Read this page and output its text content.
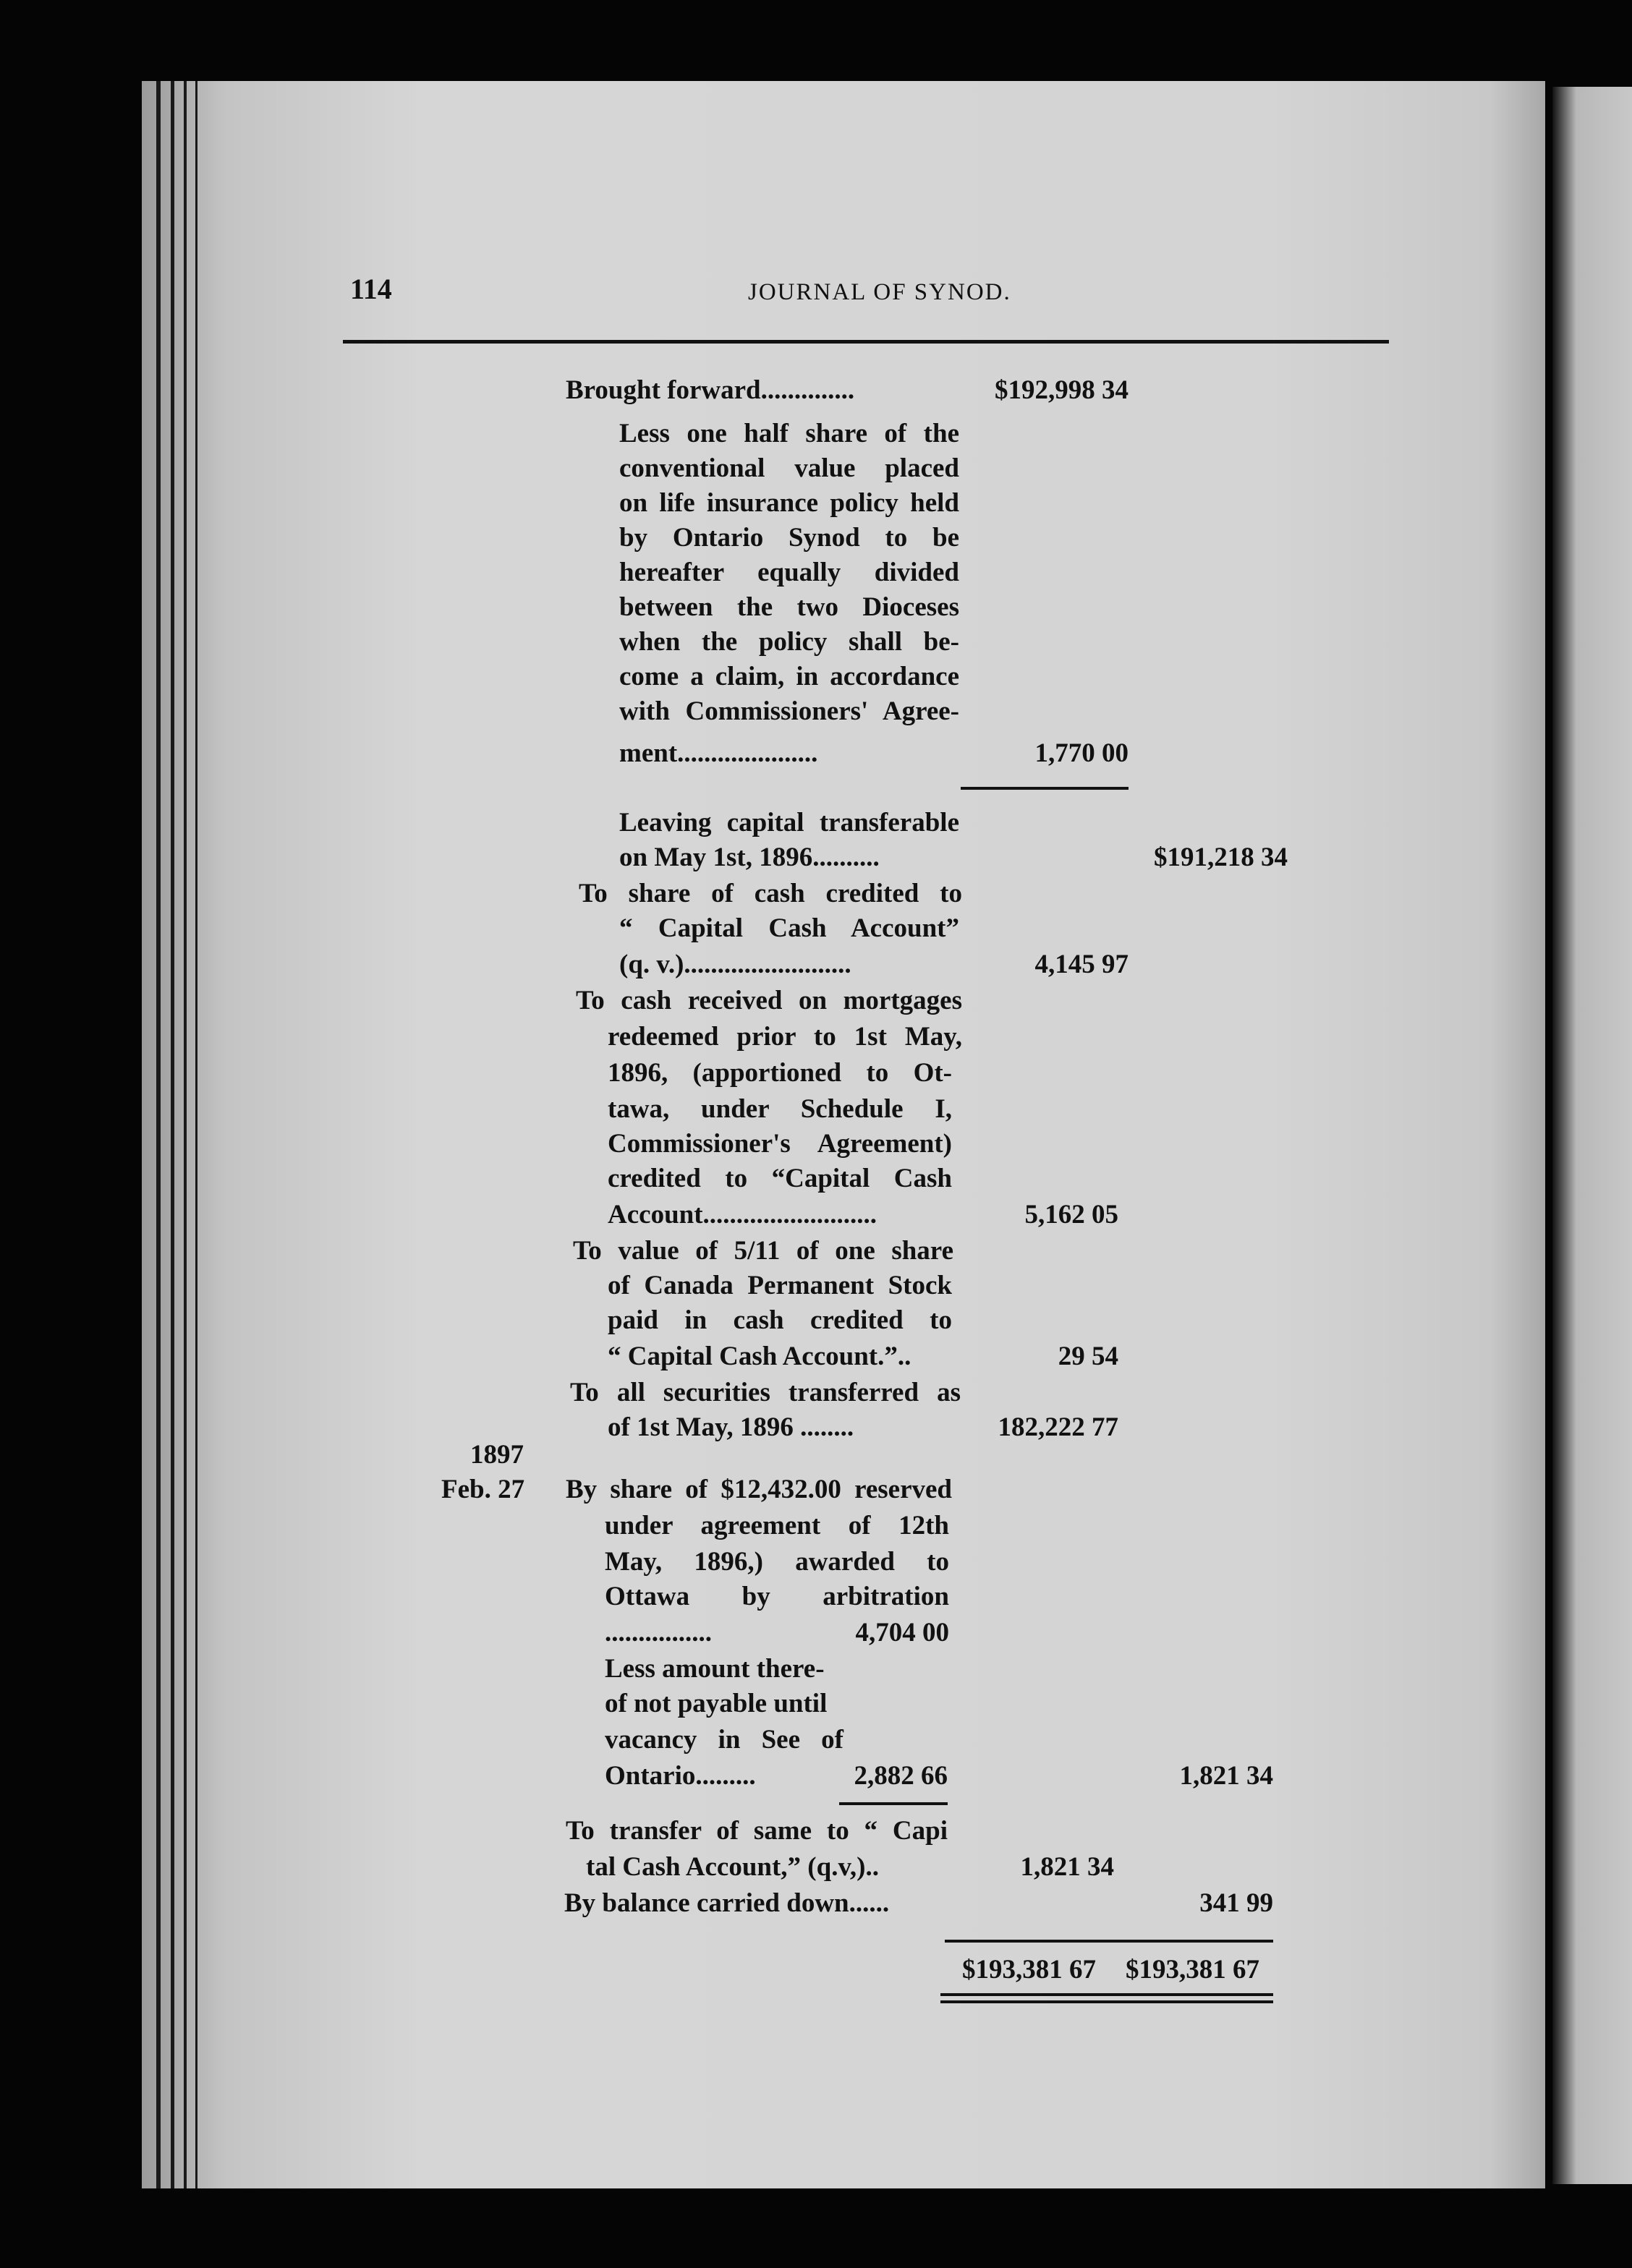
114	JOURNAL OF SYNOD.
Brought forward..............	$192,998 34
Less one half share of the
conventional value placed
on life insurance policy held
by Ontario Synod to be
hereafter equally divided
between the two Dioceses
when the policy shall be-
come a claim, in accordance
with Commissioners' Agree-
ment.....................	1,770 00
Leaving capital transferable
on May 1st, 1896..........	$191,218 34
To share of cash credited to
“ Capital Cash Account”
(q. v.).........................	4,145 97
To cash received on mortgages
redeemed prior to 1st May,
1896, (apportioned to Ot-
tawa, under Schedule I,
Commissioner's Agreement)
credited to “Capital Cash
Account..........................	5,162 05
To value of 5/11 of one share
of Canada Permanent Stock
paid in cash credited to
“ Capital Cash Account.”..	29 54
To all securities transferred as
of 1st May, 1896 ........	182,222 77
1897
Feb. 27 By share of $12,432.00 reserved
under agreement of 12th
May, 1896,) awarded to
Ottawa by arbitration
................	4,704 00
Less amount there-
of not payable until
vacancy in See of
Ontario.........	2,882 66	1,821 34
To transfer of same to “ Capi
tal Cash Account,” (q.v,)..	1,821 34
By balance carried down......	341 99
$193,381 67 $193,381 67
